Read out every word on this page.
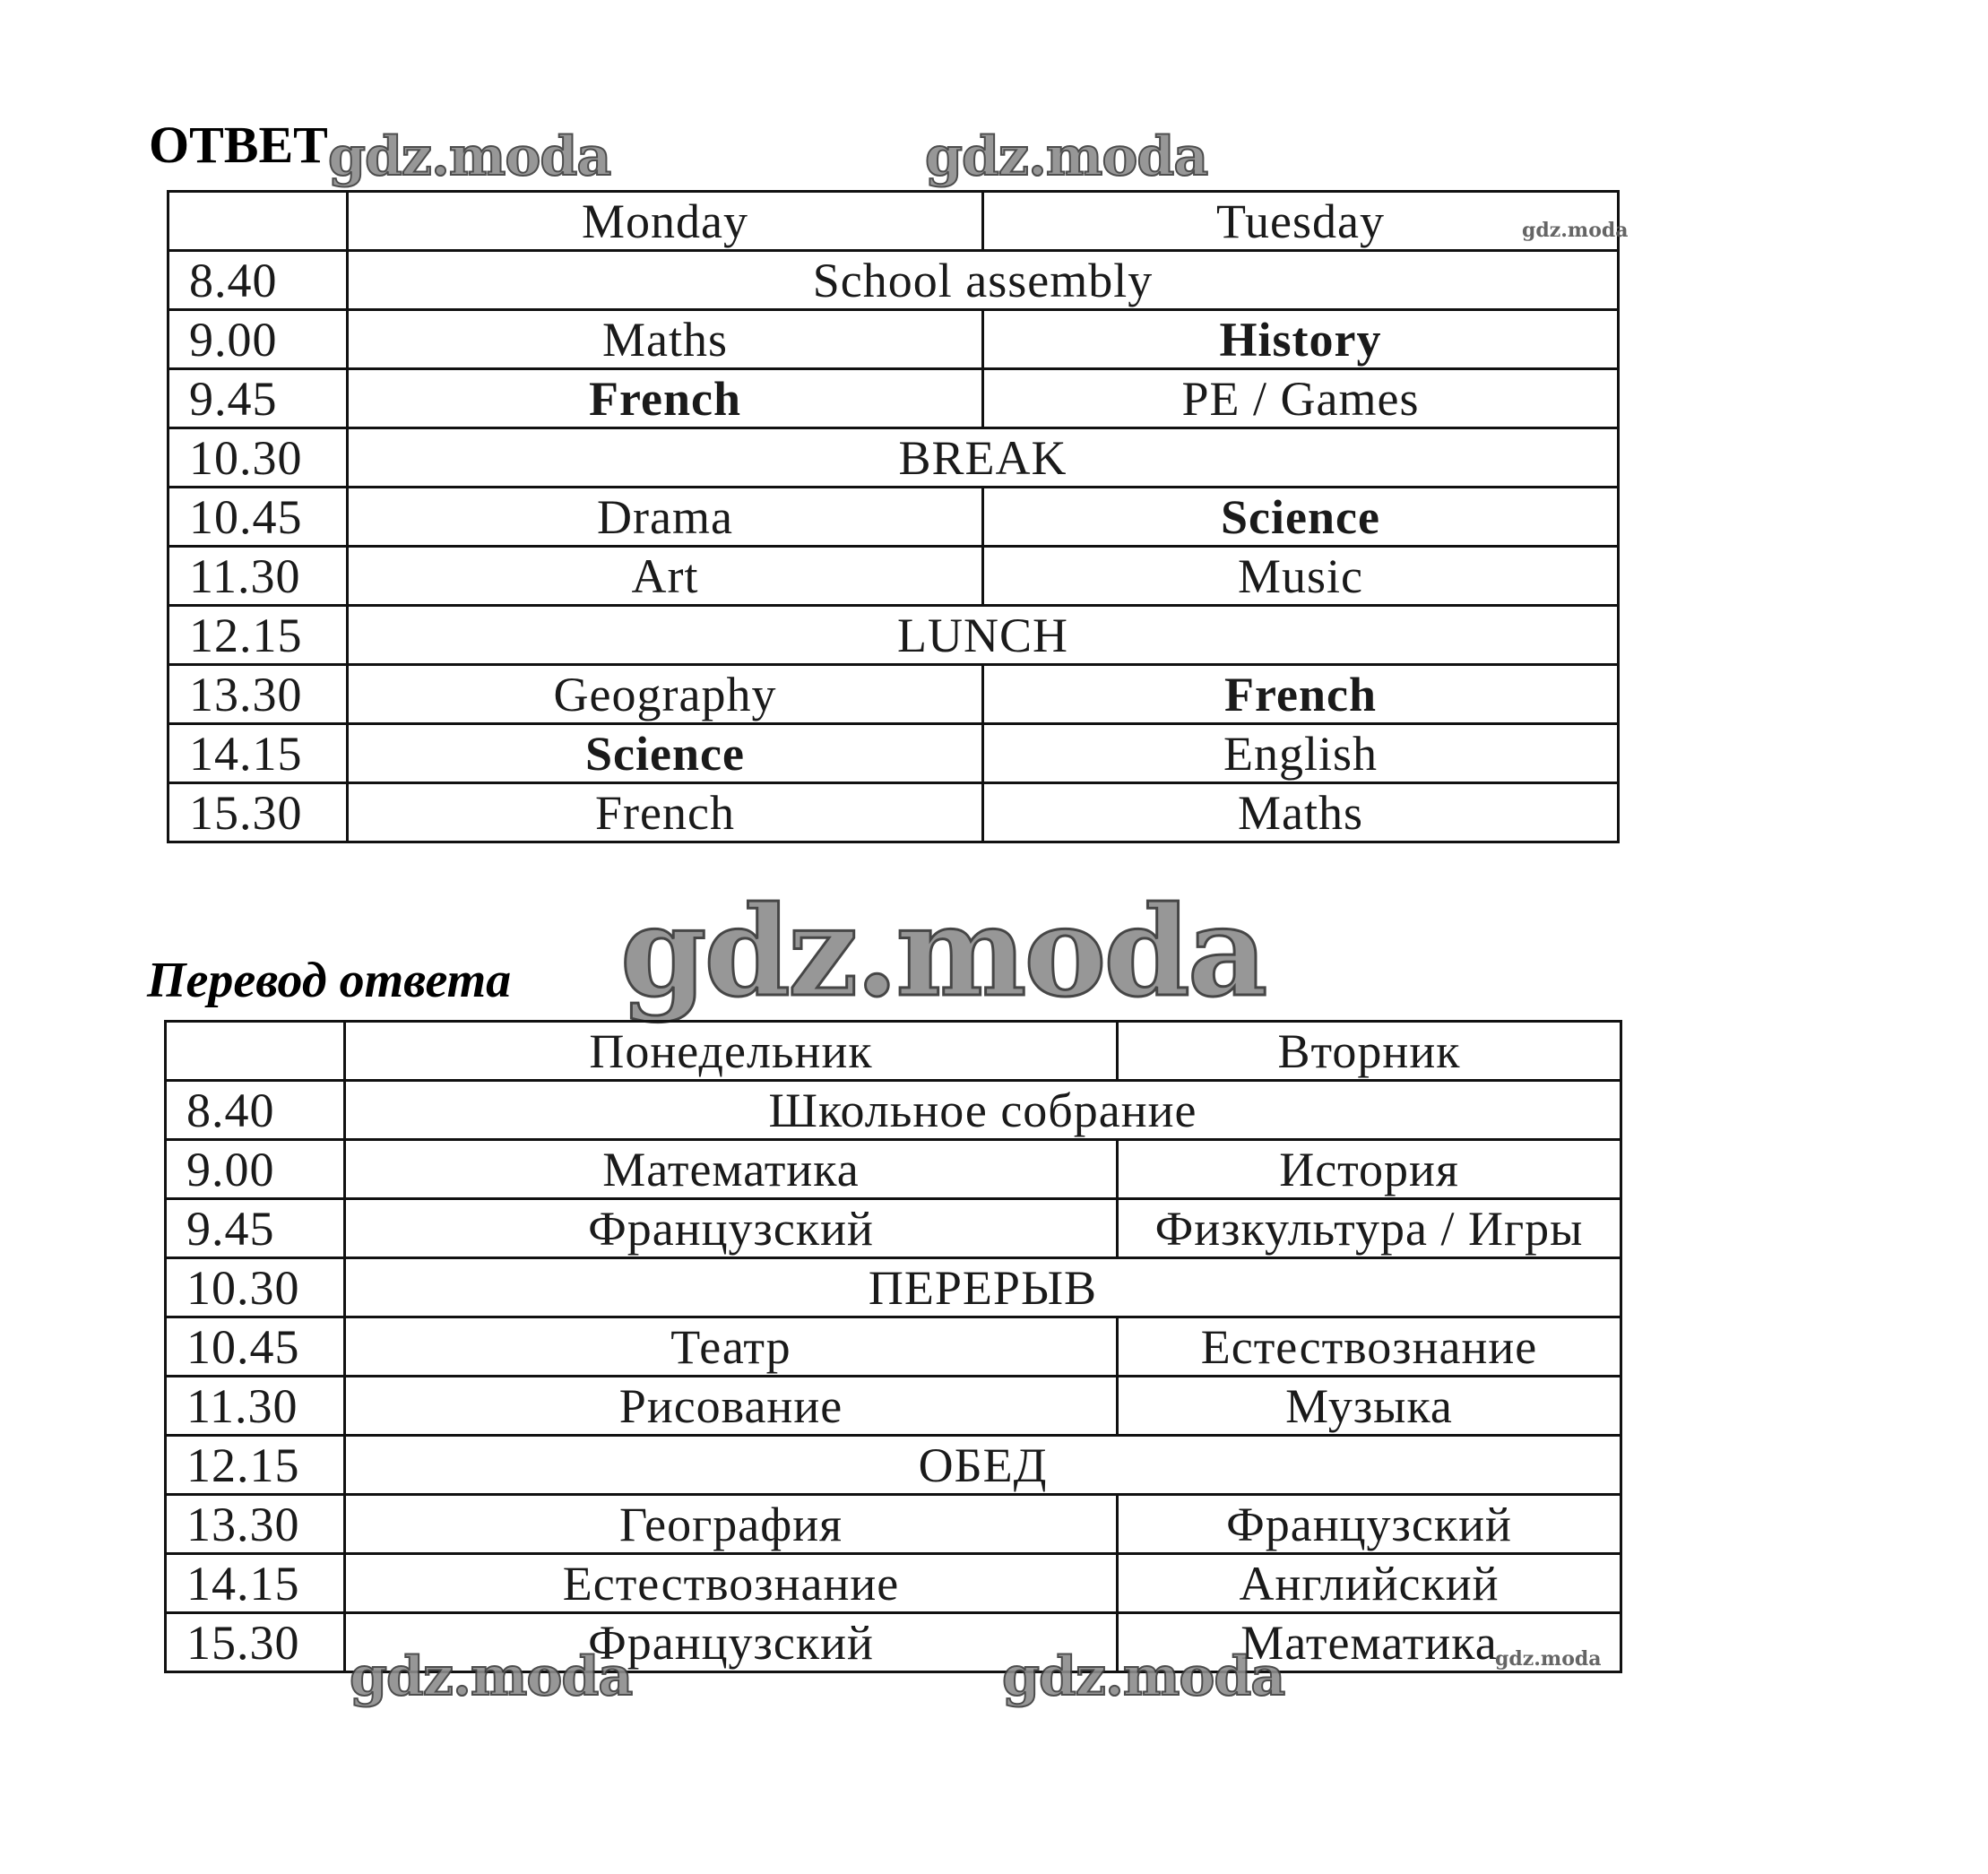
ОТВЕТ gdz.moda	gdz.moda
	Monday	Tuesday
8.40	School assembly	
9.00	Maths	History
9.45	French	PE / Games
10.30	BREAK	
10.45	Drama	Science
11.30	Art	Music
12.15	LUNCH	
13.30	Geography	French
14.15	Science	English
15.30	French	Maths
gdz.moda
gdz.moda
Перевод ответа
	Понедельник	Вторник
8.40	Школьное собрание	
9.00	Математика	История
9.45	Французский	Физкультура / Игры
10.30	ПЕРЕРЫВ	
10.45	Театр	Естествознание
11.30	Рисование	Музыка
12.15	ОБЕД	
13.30	География	Французский
14.15	Естествознание	Английский
15.30	Французский	Математика
gdz.moda	gdz.moda	gdz.moda
